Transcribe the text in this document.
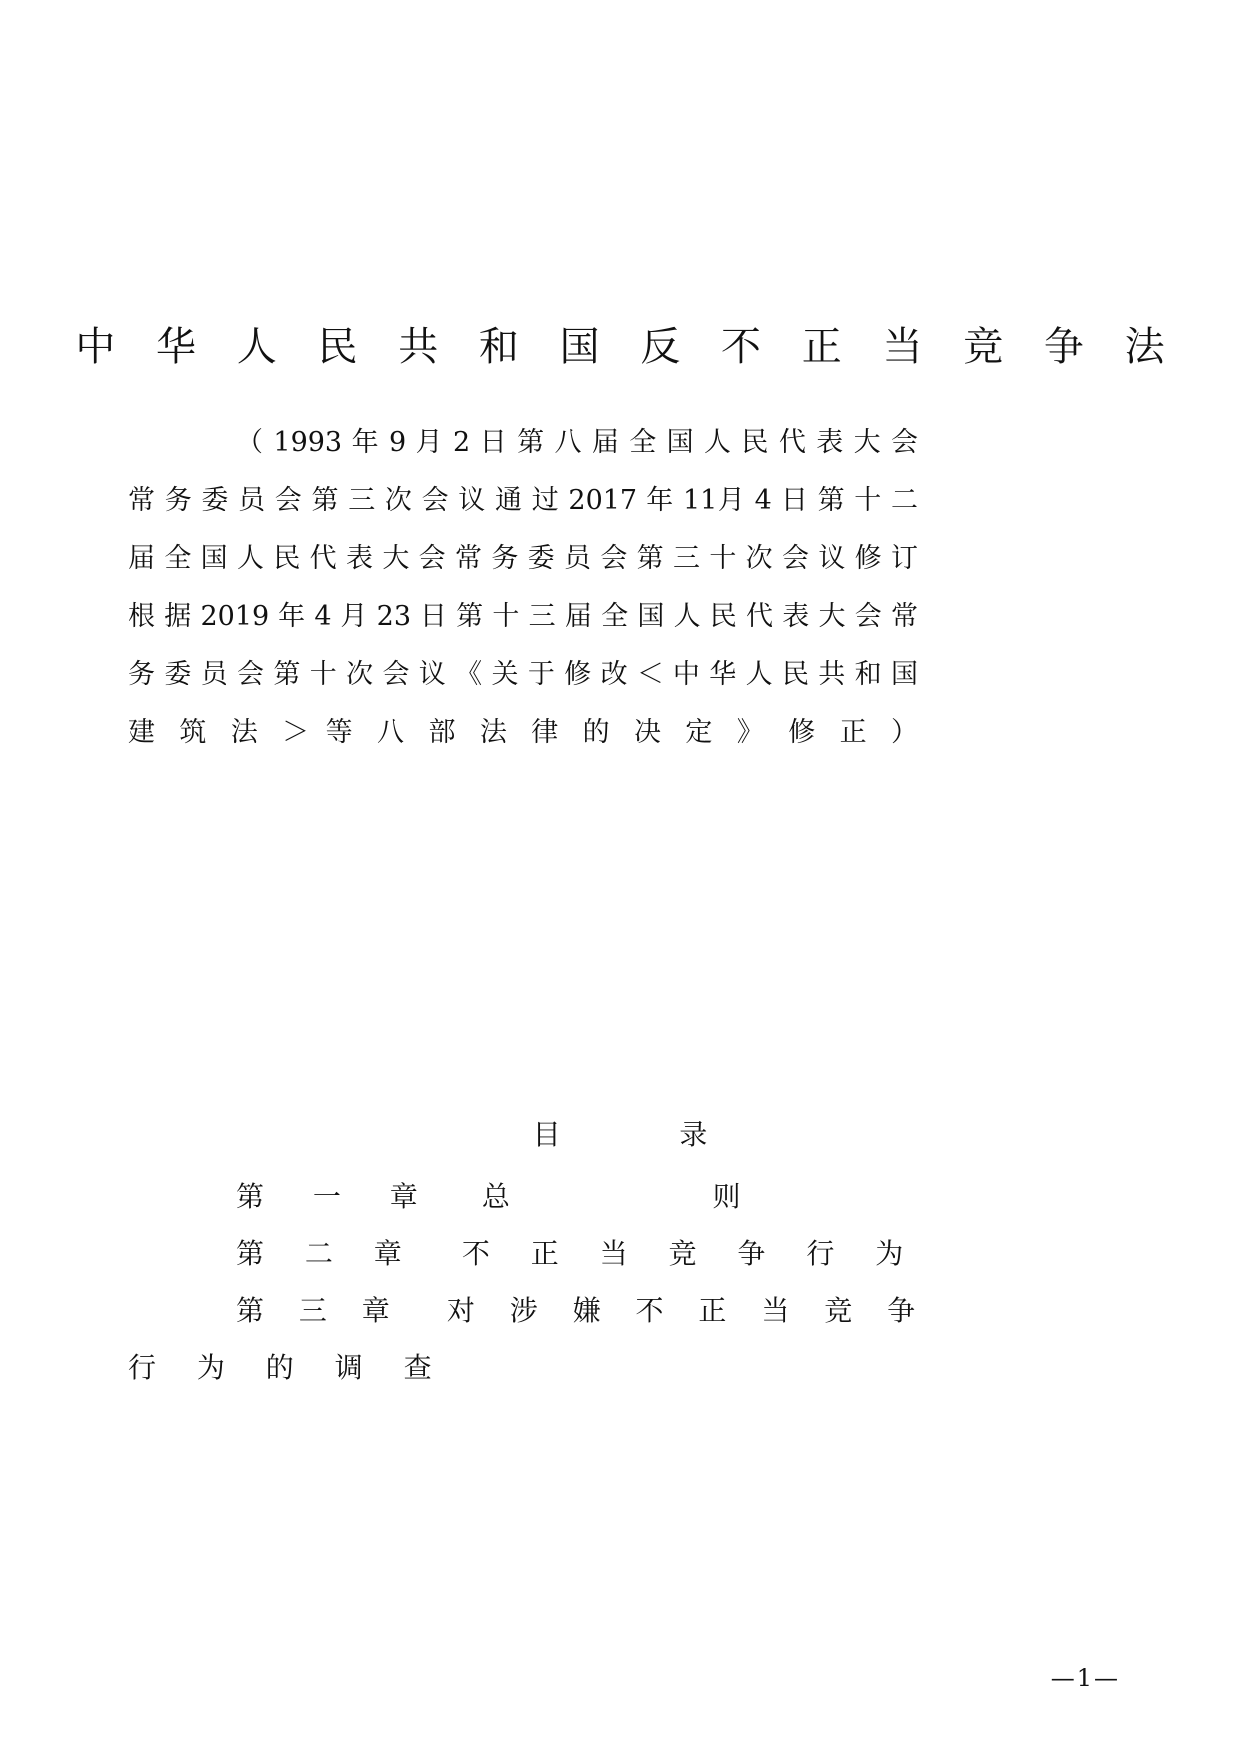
中 华 人 民 共 和 国 反 不 正 当 竞 争 法
（ 1993 年 9 月 2 日 第 八 届 全 国 人 民 代 表 大 会 常 务 委 员 会 第 三 次 会 议 通 过 2017 年 11月 4 日 第 十 二 届 全 国 人 民 代 表 大 会 常 务 委 员 会 第 三 十 次 会 议 修 订 根 据 2019 年 4 月 23 日 第 十 三 届 全 国 人 民 代 表 大 会 常 务 委 员 会 第 十 次 会 议 《 关 于 修 改 ＜ 中 华 人 民 共 和 国 建 筑 法 ＞ 等 八 部 法 律 的 决 定 》 修 正 ）
目 　 　 录
第 一 章 总 　 　 则
第 二 章 不 正 当 竞 争 行 为
第 三 章 对 涉 嫌 不 正 当 竞 争
行 为 的 调 查
—1—
